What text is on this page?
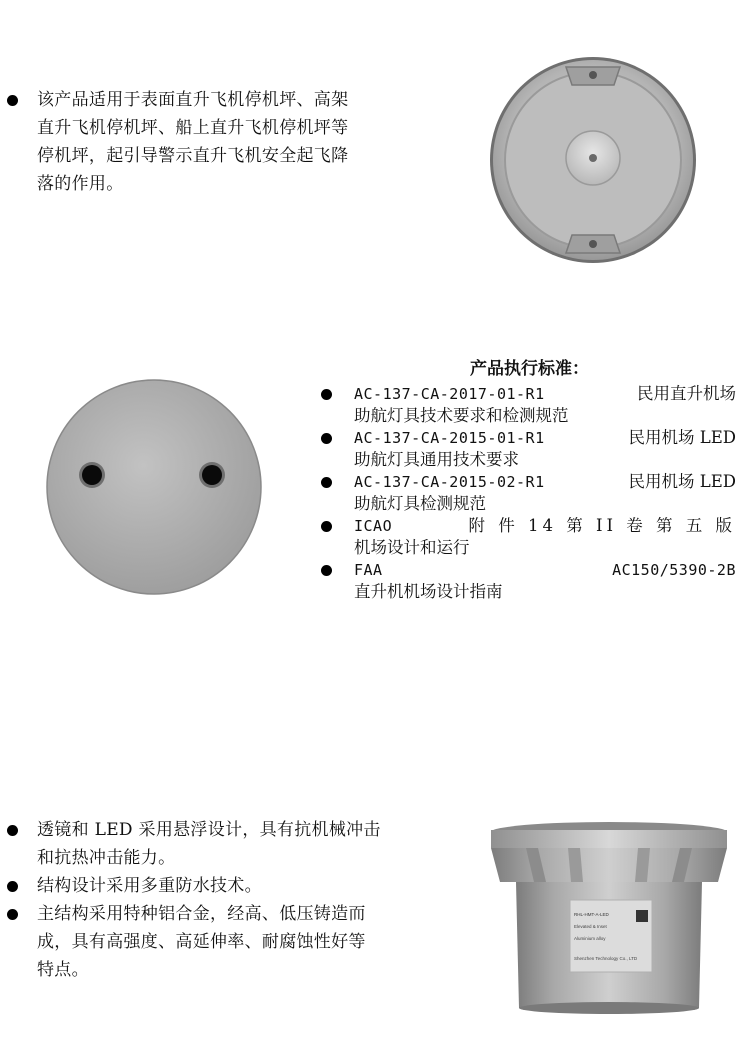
该产品适用于表面直升飞机停机坪、高架
直升飞机停机坪、船上直升飞机停机坪等
停机坪，起引导警示直升飞机安全起飞降
落的作用。
产品执行标准：
AC-137-CA-2017-01-R1	民用直升机场
助航灯具技术要求和检测规范
AC-137-CA-2015-01-R1	民用机场 LED
助航灯具通用技术要求
AC-137-CA-2015-02-R1	民用机场 LED
助航灯具检测规范
ICAO	附 件 14 第 II 卷 第 五 版
机场设计和运行
FAA	AC150/5390-2B
直升机机场设计指南
透镜和 LED 采用悬浮设计，具有抗机械冲击
和抗热冲击能力。
结构设计采用多重防水技术。
主结构采用特种铝合金，经高、低压铸造而
成，具有高强度、高延伸率、耐腐蚀性好等
特点。
RHL-HMT-A-LED
Elevated & Inset
Aluminium alloy
Shenzhen Technology Co., LTD
